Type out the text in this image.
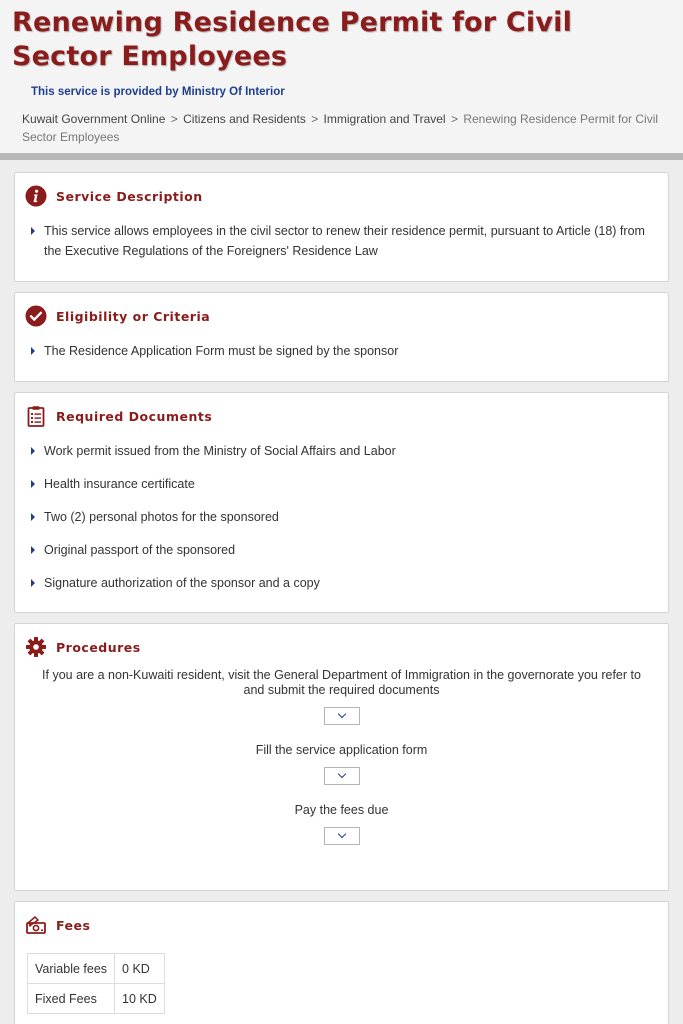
Renewing Residence Permit for Civil Sector Employees
This service is provided by Ministry Of Interior
Kuwait Government Online > Citizens and Residents > Immigration and Travel > Renewing Residence Permit for Civil Sector Employees
Service Description
This service allows employees in the civil sector to renew their residence permit, pursuant to Article (18) from the Executive Regulations of the Foreigners' Residence Law
Eligibility or Criteria
The Residence Application Form must be signed by the sponsor
Required Documents
Work permit issued from the Ministry of Social Affairs and Labor
Health insurance certificate
Two (2) personal photos for the sponsored
Original passport of the sponsored
Signature authorization of the sponsor and a copy
Procedures
If you are a non-Kuwaiti resident, visit the General Department of Immigration in the governorate you refer to and submit the required documents
Fill the service application form
Pay the fees due
Fees
Variable fees	0 KD
Fixed Fees	10 KD
